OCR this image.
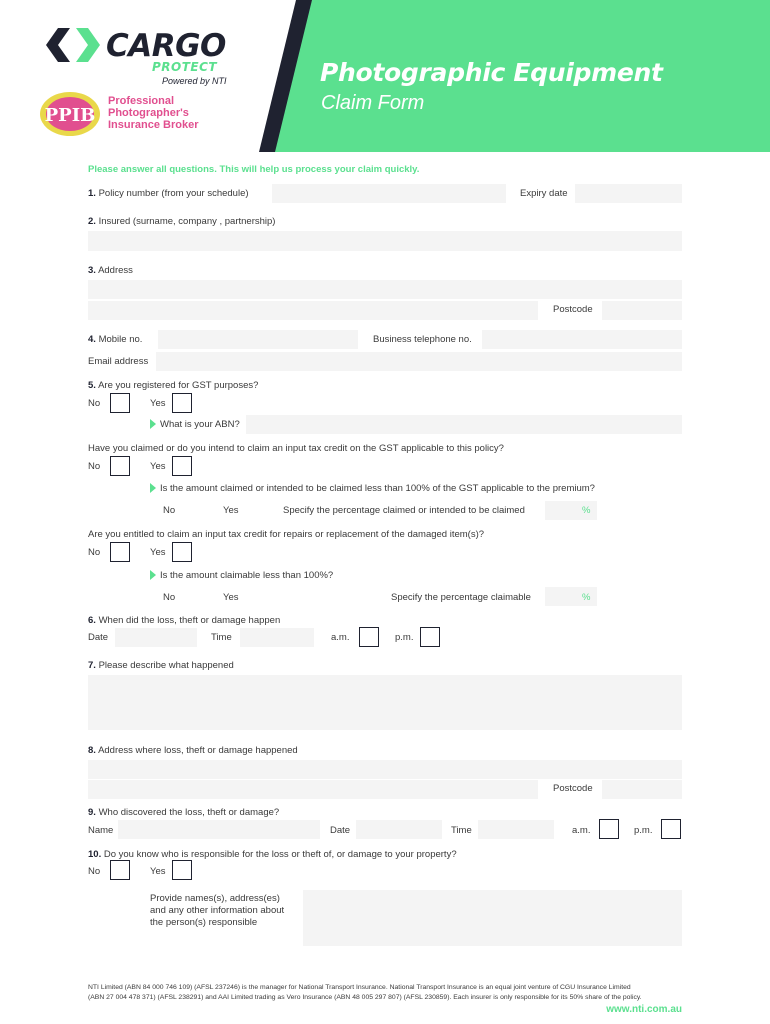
CARGO
PROTECT
Powered by NTI
PPIB
Professional
Photographer's
Insurance Broker
Photographic Equipment
Claim Form
Please answer all questions. This will help us process your claim quickly.
1. Policy number (from your schedule)	Expiry date
2. Insured (surname, company , partnership)
3. Address
Postcode
4. Mobile no.	Business telephone no.
Email address
5. Are you registered for GST purposes?
No	Yes
What is your ABN?
Have you claimed or do you intend to claim an input tax credit on the GST applicable to this policy?
No	Yes
Is the amount claimed or intended to be claimed less than 100% of the GST applicable to the premium?
No	Yes	Specify the percentage claimed or intended to be claimed	%
Are you entitled to claim an input tax credit for repairs or replacement of the damaged item(s)?
No	Yes
Is the amount claimable less than 100%?
No	Yes	Specify the percentage claimable	%
6. When did the loss, theft or damage happen
Date	Time	a.m.	p.m.
7. Please describe what happened
8. Address where loss, theft or damage happened
Postcode
9. Who discovered the loss, theft or damage?
Name	Date	Time	a.m.	p.m.
10. Do you know who is responsible for the loss or theft of, or damage to your property?
No	Yes
Provide names(s), address(es)
and any other information about
the person(s) responsible
NTI Limited (ABN 84 000 746 109) (AFSL 237246) is the manager for National Transport Insurance. National Transport Insurance is an equal joint venture of CGU Insurance Limited
(ABN 27 004 478 371) (AFSL 238291) and AAI Limited trading as Vero Insurance (ABN 48 005 297 807) (AFSL 230859). Each insurer is only responsible for its 50% share of the policy.
www.nti.com.au
